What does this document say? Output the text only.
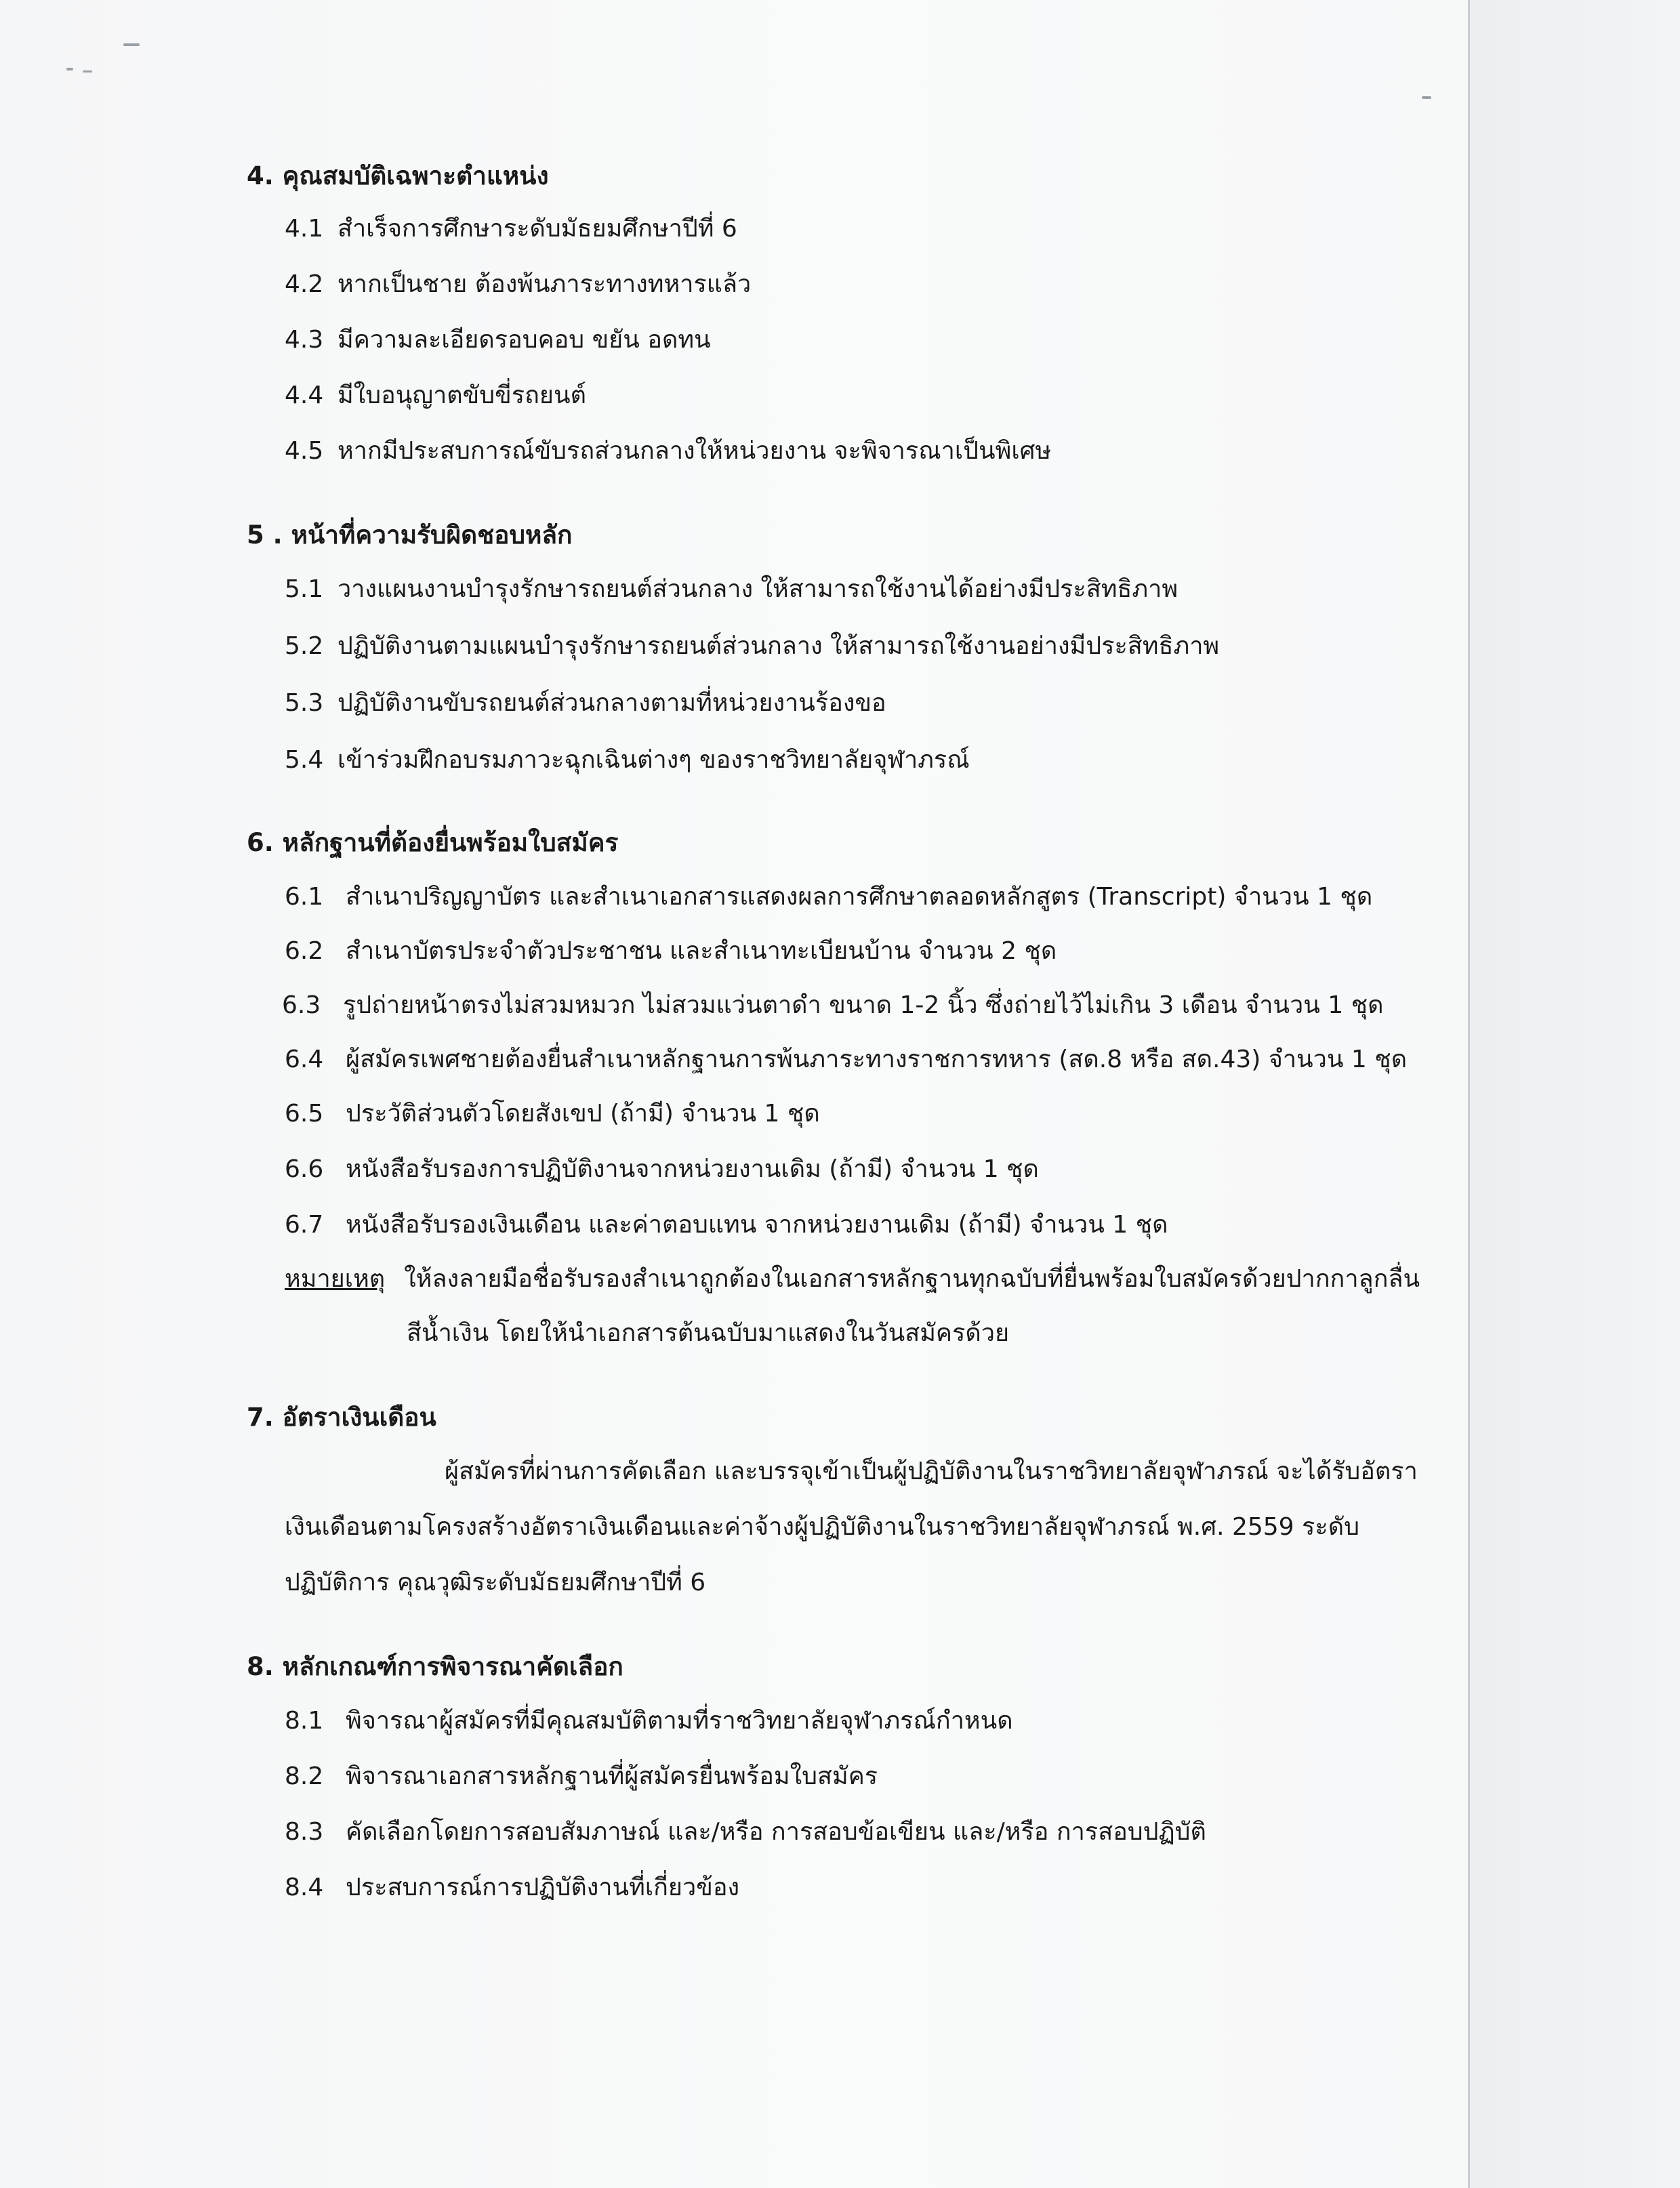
4. คุณสมบัติเฉพาะตำแหน่ง
4.1 สำเร็จการศึกษาระดับมัธยมศึกษาปีที่ 6
4.2 หากเป็นชาย ต้องพ้นภาระทางทหารแล้ว
4.3 มีความละเอียดรอบคอบ ขยัน อดทน
4.4 มีใบอนุญาตขับขี่รถยนต์
4.5 หากมีประสบการณ์ขับรถส่วนกลางให้หน่วยงาน จะพิจารณาเป็นพิเศษ
5 . หน้าที่ความรับผิดชอบหลัก
5.1 วางแผนงานบำรุงรักษารถยนต์ส่วนกลาง ให้สามารถใช้งานได้อย่างมีประสิทธิภาพ
5.2 ปฏิบัติงานตามแผนบำรุงรักษารถยนต์ส่วนกลาง ให้สามารถใช้งานอย่างมีประสิทธิภาพ
5.3 ปฏิบัติงานขับรถยนต์ส่วนกลางตามที่หน่วยงานร้องขอ
5.4 เข้าร่วมฝึกอบรมภาวะฉุกเฉินต่างๆ ของราชวิทยาลัยจุฬาภรณ์
6. หลักฐานที่ต้องยื่นพร้อมใบสมัคร
6.1 สำเนาปริญญาบัตร และสำเนาเอกสารแสดงผลการศึกษาตลอดหลักสูตร (Transcript) จำนวน 1 ชุด
6.2 สำเนาบัตรประจำตัวประชาชน และสำเนาทะเบียนบ้าน จำนวน 2 ชุด
6.3 รูปถ่ายหน้าตรงไม่สวมหมวก ไม่สวมแว่นตาดำ ขนาด 1-2 นิ้ว ซึ่งถ่ายไว้ไม่เกิน 3 เดือน จำนวน 1 ชุด
6.4 ผู้สมัครเพศชายต้องยื่นสำเนาหลักฐานการพ้นภาระทางราชการทหาร (สด.8 หรือ สด.43) จำนวน 1 ชุด
6.5 ประวัติส่วนตัวโดยสังเขป (ถ้ามี) จำนวน 1 ชุด
6.6 หนังสือรับรองการปฏิบัติงานจากหน่วยงานเดิม (ถ้ามี) จำนวน 1 ชุด
6.7 หนังสือรับรองเงินเดือน และค่าตอบแทน จากหน่วยงานเดิม (ถ้ามี) จำนวน 1 ชุด
หมายเหตุ ให้ลงลายมือชื่อรับรองสำเนาถูกต้องในเอกสารหลักฐานทุกฉบับที่ยื่นพร้อมใบสมัครด้วยปากกาลูกลื่น
สีน้ำเงิน โดยให้นำเอกสารต้นฉบับมาแสดงในวันสมัครด้วย
7. อัตราเงินเดือน
ผู้สมัครที่ผ่านการคัดเลือก และบรรจุเข้าเป็นผู้ปฏิบัติงานในราชวิทยาลัยจุฬาภรณ์ จะได้รับอัตรา
เงินเดือนตามโครงสร้างอัตราเงินเดือนและค่าจ้างผู้ปฏิบัติงานในราชวิทยาลัยจุฬาภรณ์ พ.ศ. 2559 ระดับ
ปฏิบัติการ คุณวุฒิระดับมัธยมศึกษาปีที่ 6
8. หลักเกณฑ์การพิจารณาคัดเลือก
8.1 พิจารณาผู้สมัครที่มีคุณสมบัติตามที่ราชวิทยาลัยจุฬาภรณ์กำหนด
8.2 พิจารณาเอกสารหลักฐานที่ผู้สมัครยื่นพร้อมใบสมัคร
8.3 คัดเลือกโดยการสอบสัมภาษณ์ และ/หรือ การสอบข้อเขียน และ/หรือ การสอบปฏิบัติ
8.4 ประสบการณ์การปฏิบัติงานที่เกี่ยวข้อง
